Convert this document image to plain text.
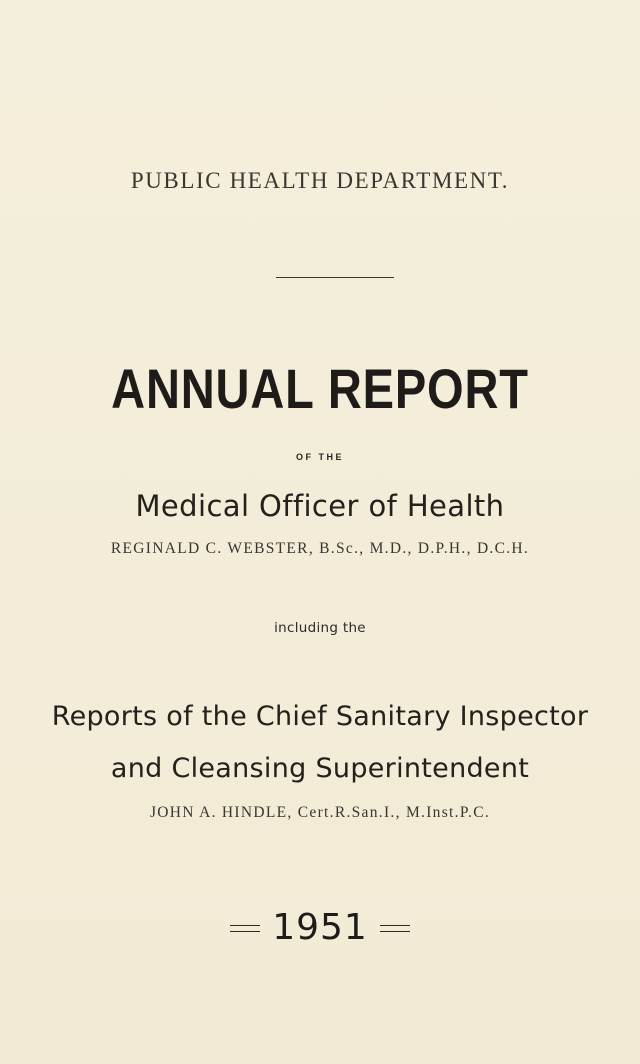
PUBLIC HEALTH DEPARTMENT.
ANNUAL REPORT
OF THE
Medical Officer of Health
REGINALD C. WEBSTER, B.Sc., M.D., D.P.H., D.C.H.
including the
Reports of the Chief Sanitary Inspector
and Cleansing Superintendent
JOHN A. HINDLE, Cert.R.San.I., M.Inst.P.C.
1951
